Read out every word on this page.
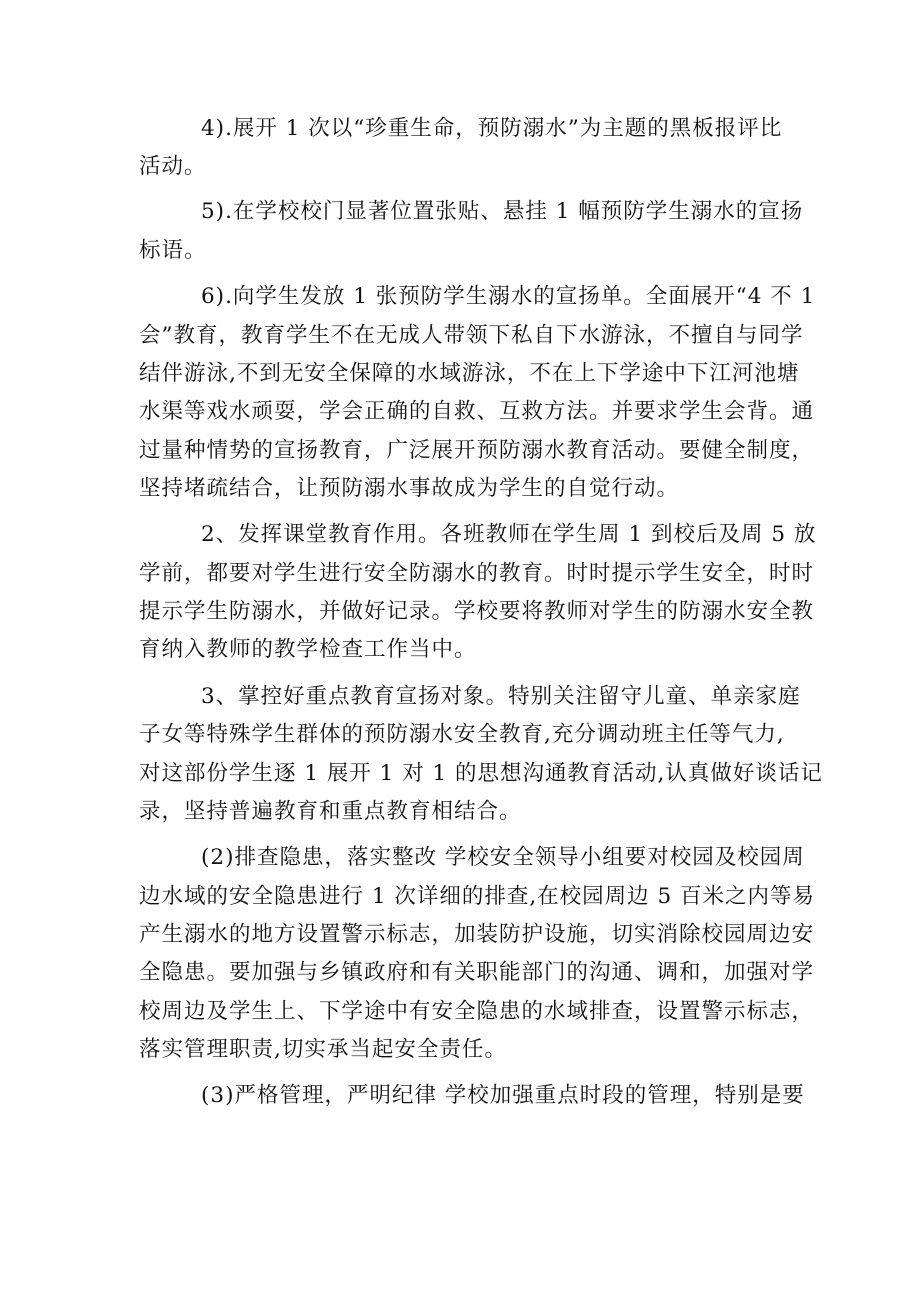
4).展开 1 次以“珍重生命，预防溺水”为主题的黑板报评比
活动。
5).在学校校门显著位置张贴、悬挂 1 幅预防学生溺水的宣扬
标语。
6).向学生发放 1 张预防学生溺水的宣扬单。全面展开“4 不 1
会”教育，教育学生不在无成人带领下私自下水游泳，不擅自与同学
结伴游泳,不到无安全保障的水域游泳，不在上下学途中下江河池塘
水渠等戏水顽耍，学会正确的自救、互救方法。并要求学生会背。通
过量种情势的宣扬教育，广泛展开预防溺水教育活动。要健全制度，
坚持堵疏结合，让预防溺水事故成为学生的自觉行动。
2、发挥课堂教育作用。各班教师在学生周 1 到校后及周 5 放
学前，都要对学生进行安全防溺水的教育。时时提示学生安全，时时
提示学生防溺水，并做好记录。学校要将教师对学生的防溺水安全教
育纳入教师的教学检查工作当中。
3、掌控好重点教育宣扬对象。特别关注留守儿童、单亲家庭
子女等特殊学生群体的预防溺水安全教育,充分调动班主任等气力,
对这部份学生逐 1 展开 1 对 1 的思想沟通教育活动,认真做好谈话记
录，坚持普遍教育和重点教育相结合。
(2)排查隐患，落实整改 学校安全领导小组要对校园及校园周
边水域的安全隐患进行 1 次详细的排查,在校园周边 5 百米之内等易
产生溺水的地方设置警示标志，加装防护设施，切实消除校园周边安
全隐患。要加强与乡镇政府和有关职能部门的沟通、调和，加强对学
校周边及学生上、下学途中有安全隐患的水域排查，设置警示标志，
落实管理职责,切实承当起安全责任。
(3)严格管理，严明纪律 学校加强重点时段的管理，特别是要
